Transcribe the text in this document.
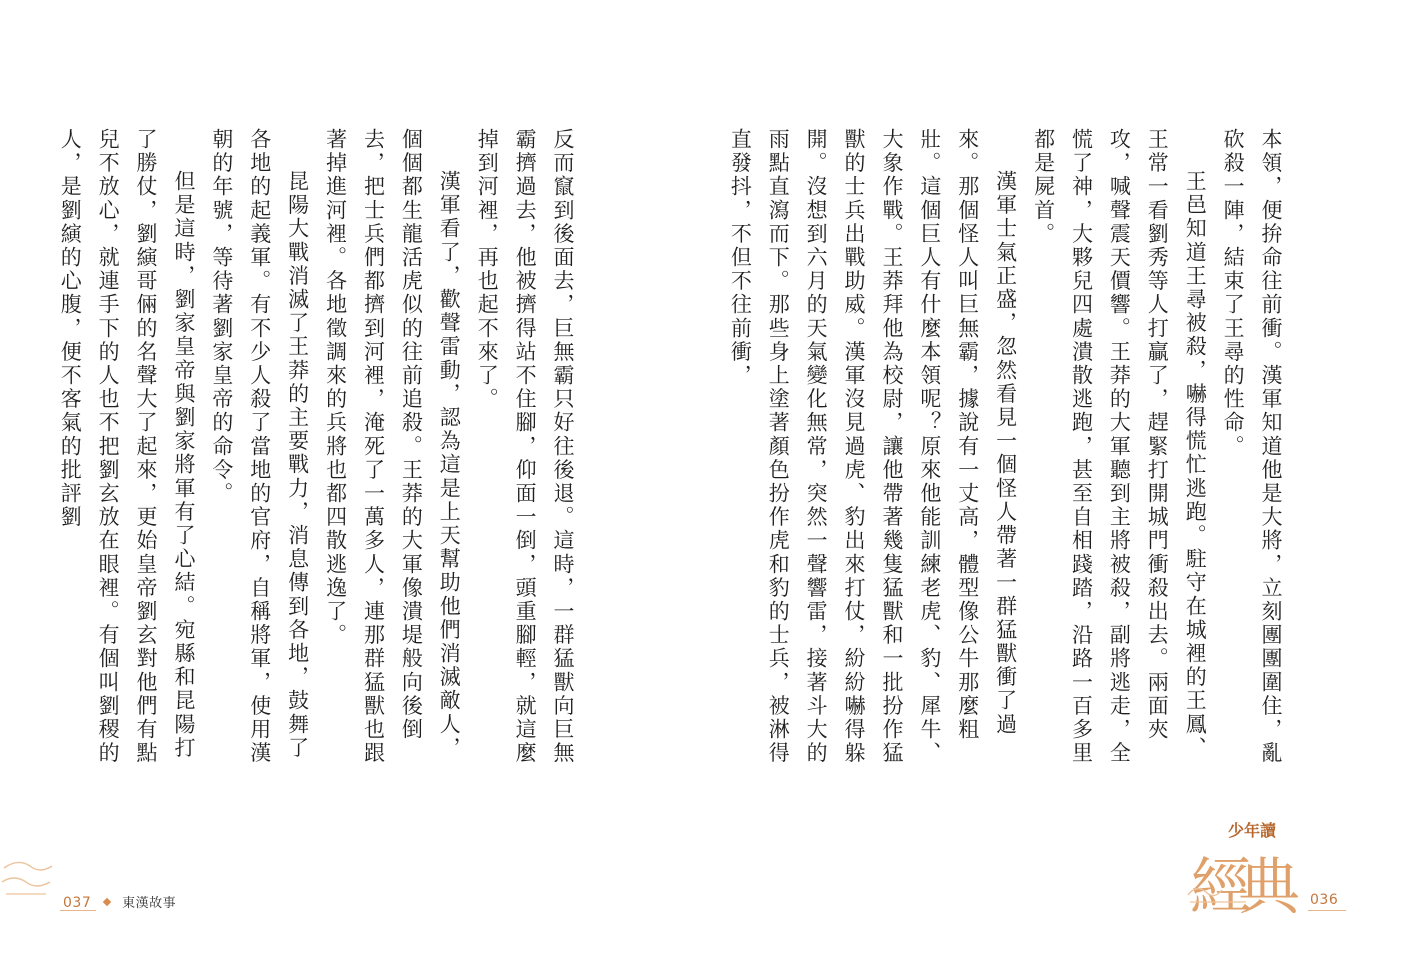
本領，便拚命往前衝。漢軍知道他是大將，立刻團團圍住，亂砍殺一陣，結束了王尋的性命。

王邑知道王尋被殺，嚇得慌忙逃跑。駐守在城裡的王鳳、王常一看劉秀等人打贏了，趕緊打開城門衝殺出去。兩面夾攻，喊聲震天價響。王莽的大軍聽到主將被殺，副將逃走，全慌了神，大夥兒四處潰散逃跑，甚至自相踐踏，沿路一百多里都是屍首。

漢軍士氣正盛，忽然看見一個怪人帶著一群猛獸衝了過來。那個怪人叫巨無霸，據說有一丈高，體型像公牛那麼粗壯。這個巨人有什麼本領呢？原來他能訓練老虎、豹、犀牛、大象作戰。王莽拜他為校尉，讓他帶著幾隻猛獸和一批扮作猛獸的士兵出戰助威。漢軍沒見過虎、豹出來打仗，紛紛嚇得躲開。沒想到六月的天氣變化無常，突然一聲響雷，接著斗大的雨點直瀉而下。那些身上塗著顏色扮作虎和豹的士兵，被淋得直發抖，不但不往前衝，

少年讀
經典	036

反而竄到後面去，巨無霸只好往後退。這時，一群猛獸向巨無霸擠過去，他被擠得站不住腳，仰面一倒，頭重腳輕，就這麼掉到河裡，再也起不來了。

漢軍看了，歡聲雷動，認為這是上天幫助他們消滅敵人，個個都生龍活虎似的往前追殺。王莽的大軍像潰堤般向後倒去，把士兵們都擠到河裡，淹死了一萬多人，連那群猛獸也跟著掉進河裡。各地徵調來的兵將也都四散逃逸了。

昆陽大戰消滅了王莽的主要戰力，消息傳到各地，鼓舞了各地的起義軍。有不少人殺了當地的官府，自稱將軍，使用漢朝的年號，等待著劉家皇帝的命令。

但是這時，劉家皇帝與劉家將軍有了心結。宛縣和昆陽打了勝仗，劉縯哥倆的名聲大了起來，更始皇帝劉玄對他們有點兒不放心，就連手下的人也不把劉玄放在眼裡。有個叫劉稷的人，是劉縯的心腹，便不客氣的批評劉

037 東漢故事
